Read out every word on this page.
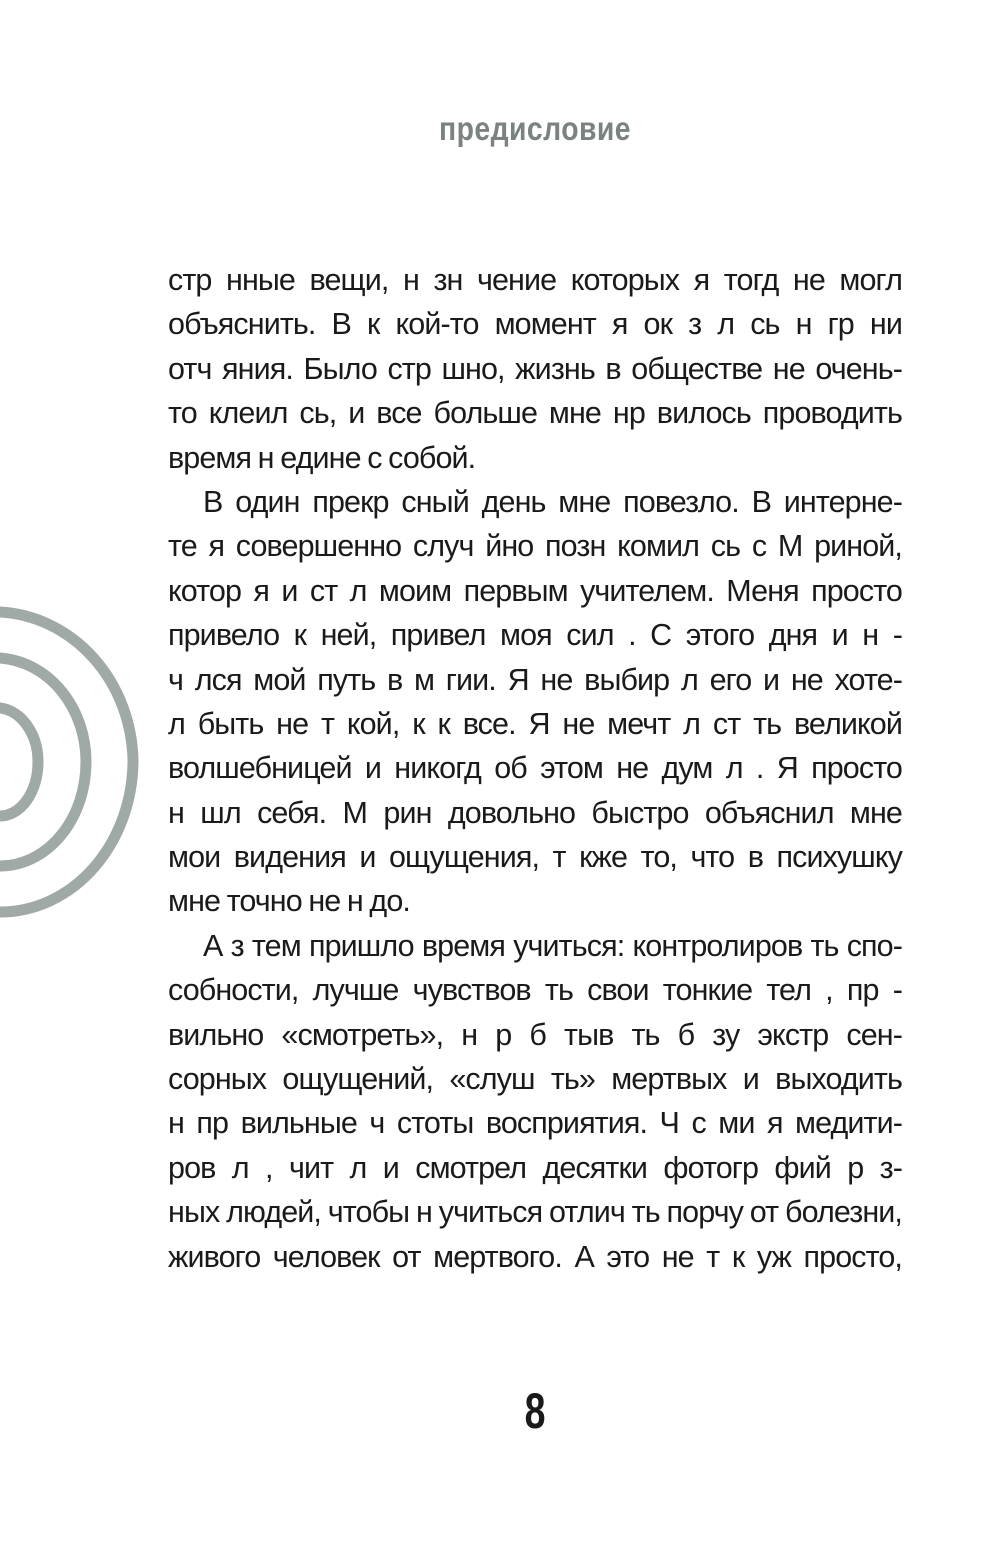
предисловие
стр нные вещи, н зн чение которых я тогд не могл
объяснить. В к кой-то момент я ок з л сь н гр ни
отч яния. Было стр шно, жизнь в обществе не очень-
то клеил сь, и все больше мне нр вилось проводить
время н едине с собой.
В один прекр сный день мне повезло. В интерне-
те я совершенно случ йно позн комил сь с М риной,
котор я и ст л моим первым учителем. Меня просто
привело к ней, привел моя сил . С этого дня и н -
ч лся мой путь в м гии. Я не выбир л его и не хоте-
л быть не т кой, к к все. Я не мечт л ст ть великой
волшебницей и никогд об этом не дум л . Я просто
н шл себя. М рин довольно быстро объяснил мне
мои видения и ощущения, т кже то, что в психушку
мне точно не н до.
А з тем пришло время учиться: контролиров ть спо-
собности, лучше чувствов ть свои тонкие тел , пр -
вильно «смотреть», н р б тыв ть б зу экстр сен-
сорных ощущений, «слуш ть» мертвых и выходить
н пр вильные ч стоты восприятия. Ч с ми я медити-
ров л , чит л и смотрел десятки фотогр фий р з-
ных людей, чтобы н учиться отлич ть порчу от болезни,
живого человек от мертвого. А это не т к уж просто,
8
